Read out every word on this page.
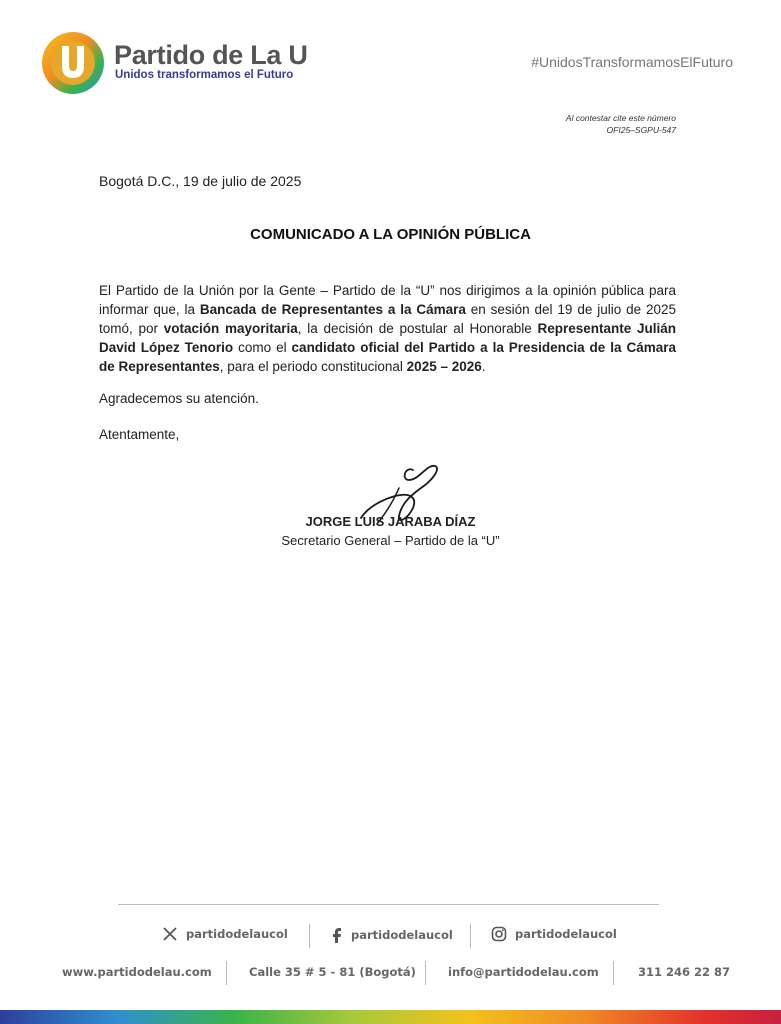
Partido de La U
Unidos transformamos el Futuro
#UnidosTransformamosElFuturo
Al contestar cite este número
OFI25–SGPU-547
Bogotá D.C., 19 de julio de 2025
COMUNICADO A LA OPINIÓN PÚBLICA
El Partido de la Unión por la Gente – Partido de la “U” nos dirigimos a la opinión pública para informar que, la Bancada de Representantes a la Cámara en sesión del 19 de julio de 2025 tomó, por votación mayoritaria, la decisión de postular al Honorable Representante Julián David López Tenorio como el candidato oficial del Partido a la Presidencia de la Cámara de Representantes, para el periodo constitucional 2025 – 2026.
Agradecemos su atención.
Atentamente,
JORGE LUIS JARABA DÍAZ
Secretario General – Partido de la “U”
partidodelaucol	partidodelaucol	partidodelaucol
www.partidodelau.com	Calle 35 # 5 - 81 (Bogotá)	info@partidodelau.com	311 246 22 87
